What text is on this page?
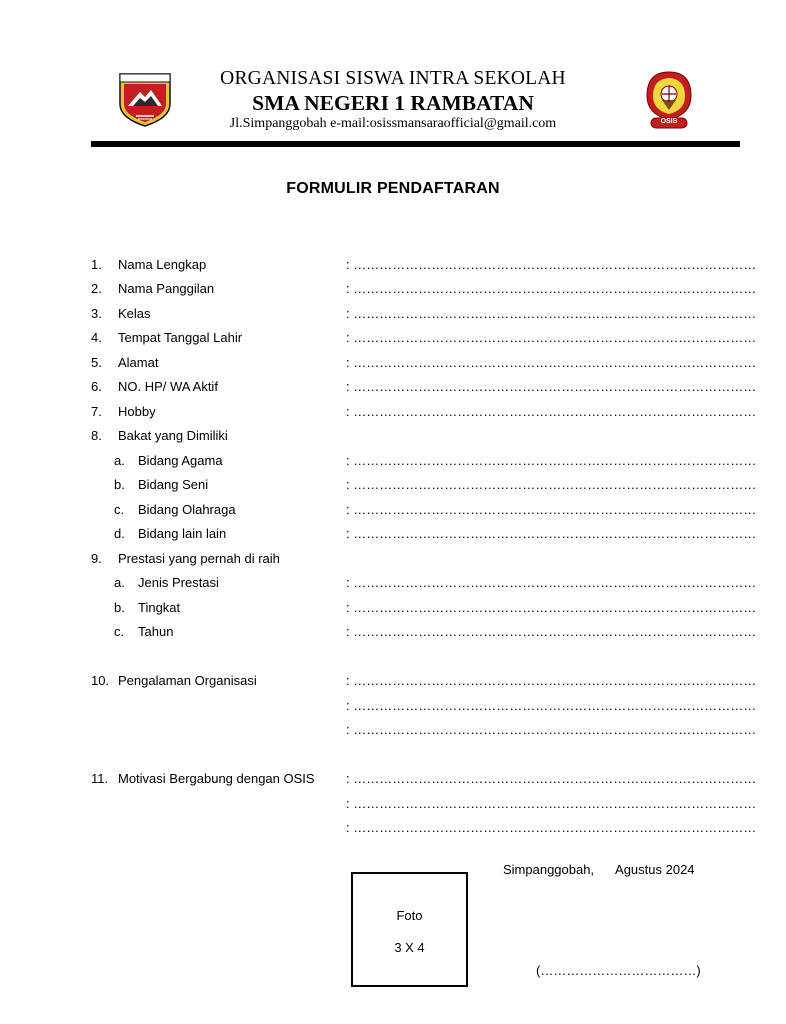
OSIS
ORGANISASI SISWA INTRA SEKOLAH
SMA NEGERI 1 RAMBATAN
Jl.Simpanggobah e-mail:osissmansaraofficial@gmail.com
FORMULIR PENDAFTARAN
1. Nama Lengkap	: …………………………………………………………………………………
2. Nama Panggilan	: …………………………………………………………………………………
3. Kelas	: …………………………………………………………………………………
4. Tempat Tanggal Lahir	: …………………………………………………………………………………
5. Alamat	: …………………………………………………………………………………
6. NO. HP/ WA Aktif	: …………………………………………………………………………………
7. Hobby	: …………………………………………………………………………………
8. Bakat yang Dimiliki
a. Bidang Agama	: …………………………………………………………………………………
b. Bidang Seni	: …………………………………………………………………………………
c. Bidang Olahraga	: …………………………………………………………………………………
d. Bidang lain lain	: …………………………………………………………………………………
9. Prestasi yang pernah di raih
a. Jenis Prestasi	: …………………………………………………………………………………
b. Tingkat	: …………………………………………………………………………………
c. Tahun	: …………………………………………………………………………………
10. Pengalaman Organisasi	: …………………………………………………………………………………
: …………………………………………………………………………………
: …………………………………………………………………………………
11. Motivasi Bergabung dengan OSIS : …………………………………………………………………………………
: …………………………………………………………………………………
: …………………………………………………………………………………
Simpanggobah,      Agustus 2024
Foto
3 X 4
(………………………………)
